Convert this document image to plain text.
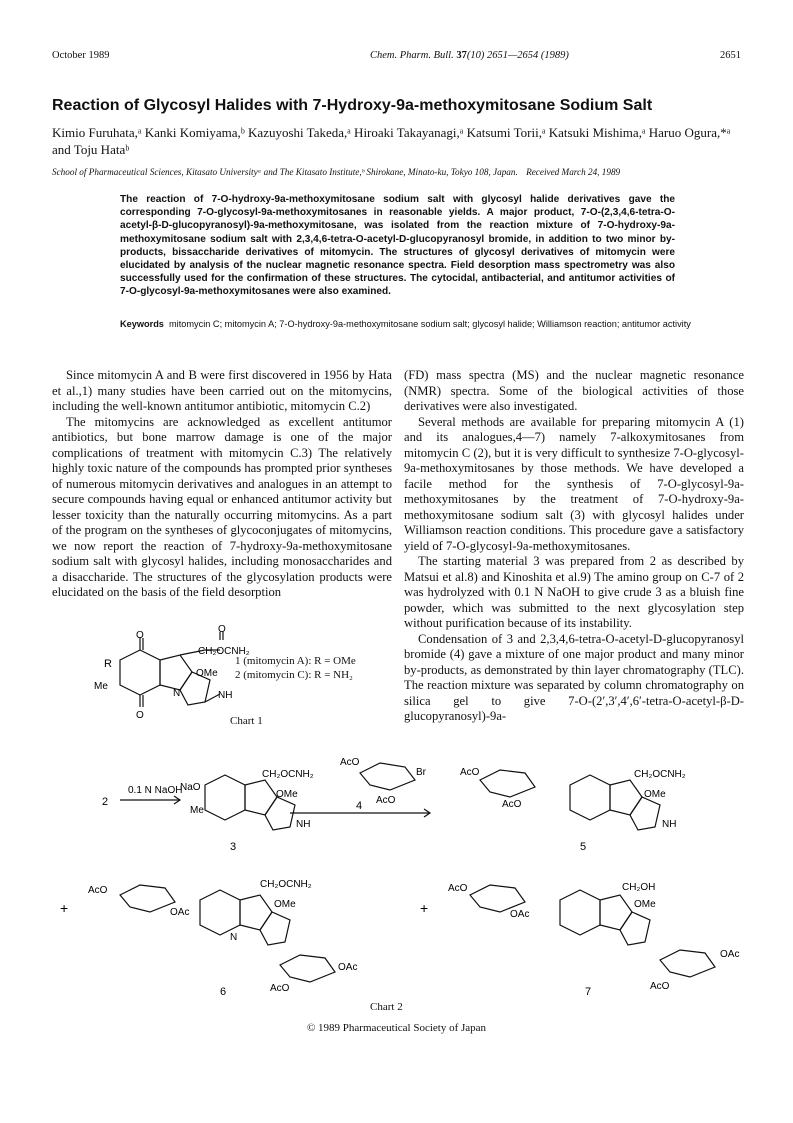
October 1989	Chem. Pharm. Bull. 37(10) 2651—2654 (1989)	2651
Reaction of Glycosyl Halides with 7-Hydroxy-9a-methoxymitosane Sodium Salt
Kimio Furuhata,ᵃ Kanki Komiyama,ᵇ Kazuyoshi Takeda,ᵃ Hiroaki Takayanagi,ᵃ Katsumi Torii,ᵃ Katsuki Mishima,ᵃ Haruo Ogura,*ᵃ and Toju Hataᵇ
School of Pharmaceutical Sciences, Kitasato Universityᵃ and The Kitasato Institute,ᵇ Shirokane, Minato-ku, Tokyo 108, Japan. Received March 24, 1989
The reaction of 7-O-hydroxy-9a-methoxymitosane sodium salt with glycosyl halide derivatives gave the corresponding 7-O-glycosyl-9a-methoxymitosanes in reasonable yields. A major product, 7-O-(2,3,4,6-tetra-O-acetyl-β-D-glucopyranosyl)-9a-methoxymitosane, was isolated from the reaction mixture of 7-O-hydroxy-9a-methoxymitosane sodium salt with 2,3,4,6-tetra-O-acetyl-D-glucopyranosyl bromide, in addition to two minor by-products, bissaccharide derivatives of mitomycin. The structures of glycosyl derivatives of mitomycin were elucidated by analysis of the nuclear magnetic resonance spectra. Field desorption mass spectrometry was also successfully used for the confirmation of these structures. The cytocidal, antibacterial, and antitumor activities of 7-O-glycosyl-9a-methoxymitosanes were also examined.
Keywords mitomycin C; mitomycin A; 7-O-hydroxy-9a-methoxymitosane sodium salt; glycosyl halide; Williamson reaction; antitumor activity

Since mitomycin A and B were first discovered in 1956 by Hata et al.,1) many studies have been carried out on the mitomycins, including the well-known antitumor antibiotic, mitomycin C.2)

The mitomycins are acknowledged as excellent antitumor antibiotics, but bone marrow damage is one of the major complications of treatment with mitomycin C.3) The relatively highly toxic nature of the compounds has prompted prior syntheses of numerous mitomycin derivatives and analogues in an attempt to secure compounds having equal or enhanced antitumor activity but lesser toxicity than the naturally occurring mitomycins. As a part of the program on the syntheses of glycoconjugates of mitomycins, we now report the reaction of 7-hydroxy-9a-methoxymitosane sodium salt with glycosyl halides, including monosaccharides and a disaccharide. The structures of the glycosylation products were elucidated on the basis of the field desorption

(FD) mass spectra (MS) and the nuclear magnetic resonance (NMR) spectra. Some of the biological activities of those derivatives were also investigated.

Several methods are available for preparing mitomycin A (1) and its analogues,4—7) namely 7-alkoxymitosanes from mitomycin C (2), but it is very difficult to synthesize 7-O-glycosyl-9a-methoxymitosanes by those methods. We have developed a facile method for the synthesis of 7-O-glycosyl-9a-methoxymitosanes by the treatment of 7-O-hydroxy-9a-methoxymitosane sodium salt (3) with glycosyl halides under Williamson reaction conditions. This procedure gave a satisfactory yield of 7-O-glycosyl-9a-methoxymitosanes.

The starting material 3 was prepared from 2 as described by Matsui et al.8) and Kinoshita et al.9) The amino group on C-7 of 2 was hydrolyzed with 0.1 N NaOH to give crude 3 as a bluish fine powder, which was submitted to the next glycosylation step without purification because of its instability.

Condensation of 3 and 2,3,4,6-tetra-O-acetyl-D-glucopyranosyl bromide (4) gave a mixture of one major product and many minor by-products, as demonstrated by thin layer chromatography (TLC). The reaction mixture was separated by column chromatography on silica gel to give 7-O-(2′,3′,4′,6′-tetra-O-acetyl-β-D-glucopyranosyl)-9a-

R
Me
O
O
O
CH₂OCNH₂
OMe
N	NH
1 (mitomycin A): R = OMe
2 (mitomycin C): R = NH₂
Chart 1
0.1 N NaOH
2
NaO
Me
CH₂OCNH₂
OMe
NH
3
AcO
Br
AcO
4
AcO
AcO
CH₂OCNH₂
OMe
NH
5
+
AcO
OAc
CH₂OCNH₂
OMe
N
OAc
AcO
6
+
AcO
OAc
CH₂OH
OMe
OAc
AcO
7
Chart 2
© 1989 Pharmaceutical Society of Japan
